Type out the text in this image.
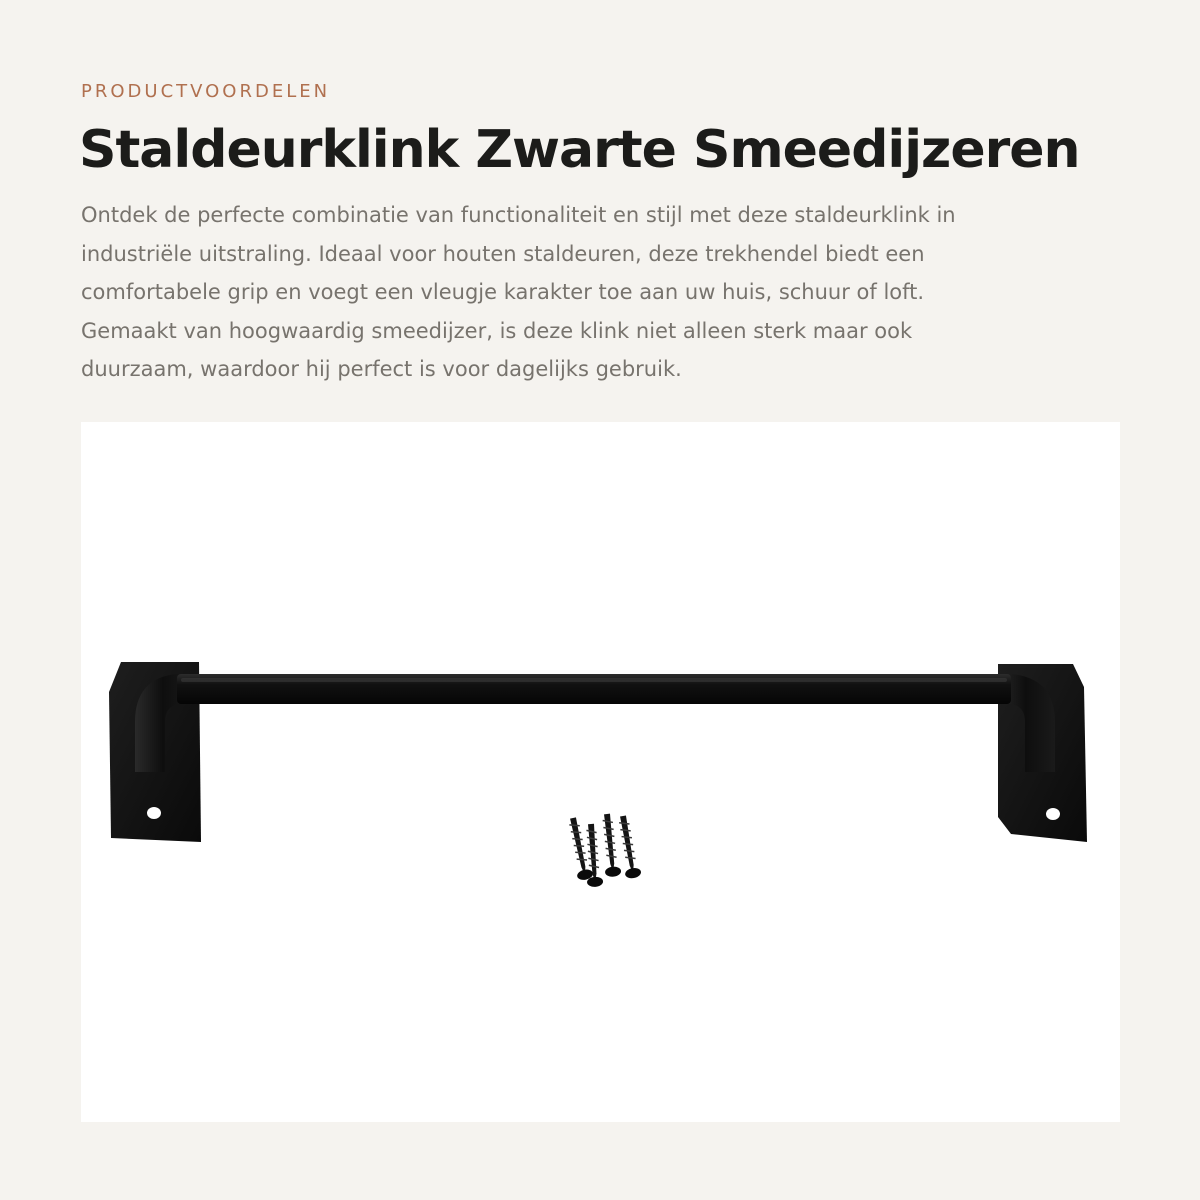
PRODUCTVOORDELEN

Staldeurklink Zwarte Smeedijzeren

Ontdek de perfecte combinatie van functionaliteit en stijl met deze staldeurklink in
industriële uitstraling. Ideaal voor houten staldeuren, deze trekhendel biedt een
comfortabele grip en voegt een vleugje karakter toe aan uw huis, schuur of loft.
Gemaakt van hoogwaardig smeedijzer, is deze klink niet alleen sterk maar ook
duurzaam, waardoor hij perfect is voor dagelijks gebruik.
